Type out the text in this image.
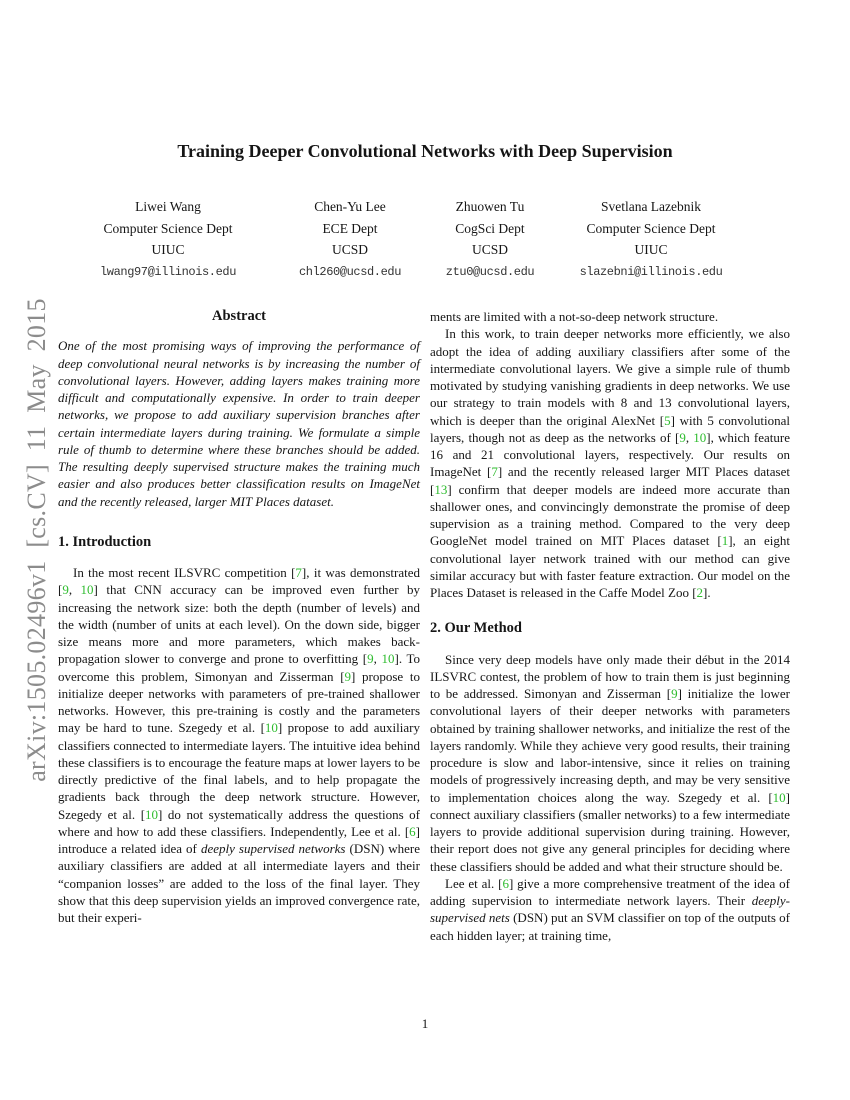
arXiv:1505.02496v1 [cs.CV] 11 May 2015
Training Deeper Convolutional Networks with Deep Supervision
Liwei Wang
Computer Science Dept
UIUC
lwang97@illinois.edu
Chen-Yu Lee
ECE Dept
UCSD
chl260@ucsd.edu
Zhuowen Tu
CogSci Dept
UCSD
ztu0@ucsd.edu
Svetlana Lazebnik
Computer Science Dept
UIUC
slazebni@illinois.edu
Abstract

One of the most promising ways of improving the performance of deep convolutional neural networks is by increasing the number of convolutional layers. However, adding layers makes training more difficult and computationally expensive. In order to train deeper networks, we propose to add auxiliary supervision branches after certain intermediate layers during training. We formulate a simple rule of thumb to determine where these branches should be added. The resulting deeply supervised structure makes the training much easier and also produces better classification results on ImageNet and the recently released, larger MIT Places dataset.

1. Introduction

In the most recent ILSVRC competition [7], it was demonstrated [9, 10] that CNN accuracy can be improved even further by increasing the network size: both the depth (number of levels) and the width (number of units at each level). On the down side, bigger size means more and more parameters, which makes back-propagation slower to converge and prone to overfitting [9, 10]. To overcome this problem, Simonyan and Zisserman [9] propose to initialize deeper networks with parameters of pre-trained shallower networks. However, this pre-training is costly and the parameters may be hard to tune. Szegedy et al. [10] propose to add auxiliary classifiers connected to intermediate layers. The intuitive idea behind these classifiers is to encourage the feature maps at lower layers to be directly predictive of the final labels, and to help propagate the gradients back through the deep network structure. However, Szegedy et al. [10] do not systematically address the questions of where and how to add these classifiers. Independently, Lee et al. [6] introduce a related idea of deeply supervised networks (DSN) where auxiliary classifiers are added at all intermediate layers and their “companion losses” are added to the loss of the final layer. They show that this deep supervision yields an improved convergence rate, but their experi-

ments are limited with a not-so-deep network structure.

In this work, to train deeper networks more efficiently, we also adopt the idea of adding auxiliary classifiers after some of the intermediate convolutional layers. We give a simple rule of thumb motivated by studying vanishing gradients in deep networks. We use our strategy to train models with 8 and 13 convolutional layers, which is deeper than the original AlexNet [5] with 5 convolutional layers, though not as deep as the networks of [9, 10], which feature 16 and 21 convolutional layers, respectively. Our results on ImageNet [7] and the recently released larger MIT Places dataset [13] confirm that deeper models are indeed more accurate than shallower ones, and convincingly demonstrate the promise of deep supervision as a training method. Compared to the very deep GoogleNet model trained on MIT Places dataset [1], an eight convolutional layer network trained with our method can give similar accuracy but with faster feature extraction. Our model on the Places Dataset is released in the Caffe Model Zoo [2].

2. Our Method

Since very deep models have only made their début in the 2014 ILSVRC contest, the problem of how to train them is just beginning to be addressed. Simonyan and Zisserman [9] initialize the lower convolutional layers of their deeper networks with parameters obtained by training shallower networks, and initialize the rest of the layers randomly. While they achieve very good results, their training procedure is slow and labor-intensive, since it relies on training models of progressively increasing depth, and may be very sensitive to implementation choices along the way. Szegedy et al. [10] connect auxiliary classifiers (smaller networks) to a few intermediate layers to provide additional supervision during training. However, their report does not give any general principles for deciding where these classifiers should be added and what their structure should be.

Lee et al. [6] give a more comprehensive treatment of the idea of adding supervision to intermediate network layers. Their deeply-supervised nets (DSN) put an SVM classifier on top of the outputs of each hidden layer; at training time,

1
